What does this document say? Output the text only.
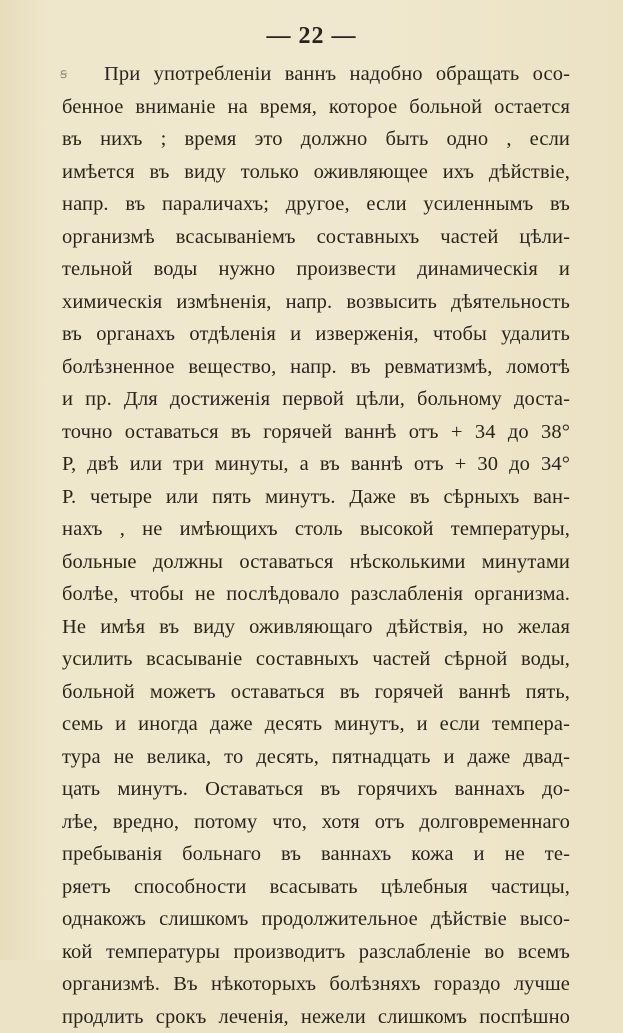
— 22 —
ꞩ	При употребленіи ваннъ надобно обращать осо-
бенное вниманіе на время, которое больной остается
въ нихъ ; время это должно быть одно , если
имѣется въ виду только оживляющее ихъ дѣйствіе,
напр. въ параличахъ; другое, если усиленнымъ въ
организмѣ всасываніемъ составныхъ частей цѣли-
тельной воды нужно произвести динамическія и
химическія измѣненія, напр. возвысить дѣятельность
въ органахъ отдѣленія и изверженія, чтобы удалить
болѣзненное вещество, напр. въ ревматизмѣ, ломотѣ
и пр. Для достиженія первой цѣли, больному доста-
точно оставаться въ горячей ваннѣ отъ + 34 до 38°
Р, двѣ или три минуты, а въ ваннѣ отъ + 30 до 34°
Р. четыре или пять минутъ. Даже въ сѣрныхъ ван-
нахъ , не имѣющихъ столь высокой температуры,
больные должны оставаться нѣсколькими минутами
болѣе, чтобы не послѣдовало разслабленія организма.
Не имѣя въ виду оживляющаго дѣйствія, но желая
усилить всасываніе составныхъ частей сѣрной воды,
больной можетъ оставаться въ горячей ваннѣ пять,
семь и иногда даже десять минутъ, и если темпера-
тура не велика, то десять, пятнадцать и даже двад-
цать минутъ. Оставаться въ горячихъ ваннахъ до-
лѣе, вредно, потому что, хотя отъ долговременнаго
пребыванія больнаго въ ваннахъ кожа и не те-
ряетъ способности всасывать цѣлебныя частицы,
однакожъ слишкомъ продолжительное дѣйствіе высо-
кой температуры производитъ разслабленіе во всемъ
организмѣ. Въ нѣкоторыхъ болѣзняхъ гораздо лучше
продлить срокъ леченія, нежели слишкомъ поспѣшно
